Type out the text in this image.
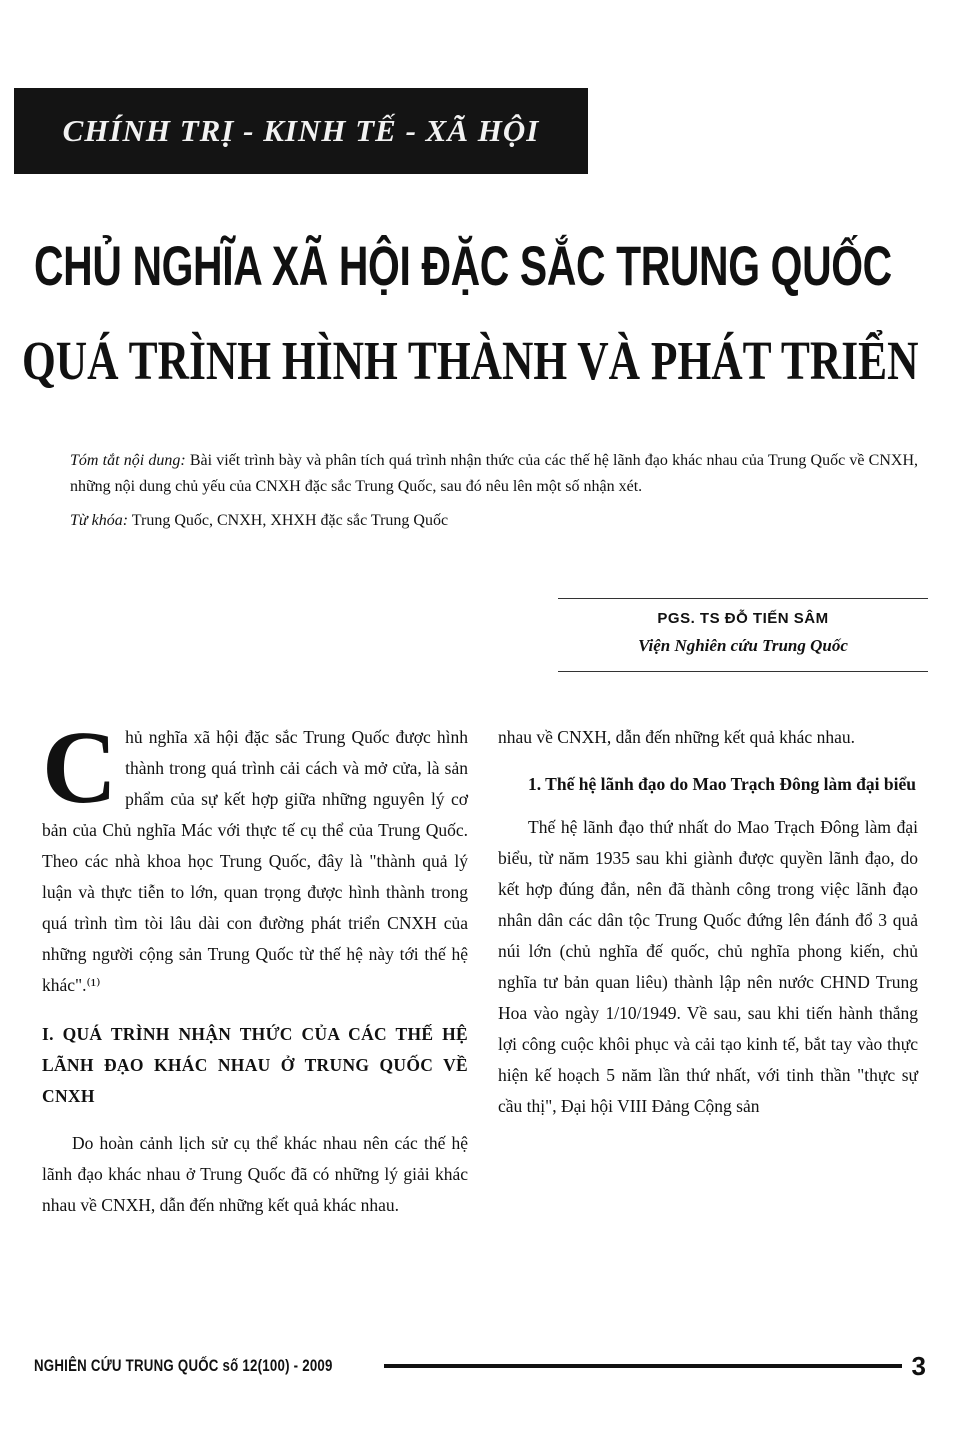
CHÍNH TRỊ - KINH TẾ - XÃ HỘI
CHỦ NGHĨA XÃ HỘI ĐẶC SẮC TRUNG QUỐC
QUÁ TRÌNH HÌNH THÀNH VÀ PHÁT TRIỂN

Tóm tắt nội dung: Bài viết trình bày và phân tích quá trình nhận thức của các thế hệ lãnh đạo khác nhau của Trung Quốc về CNXH, những nội dung chủ yếu của CNXH đặc sắc Trung Quốc, sau đó nêu lên một số nhận xét.

Từ khóa: Trung Quốc, CNXH, XHXH đặc sắc Trung Quốc

PGS. TS ĐỖ TIẾN SÂM
Viện Nghiên cứu Trung Quốc

Chủ nghĩa xã hội đặc sắc Trung Quốc được hình thành trong quá trình cải cách và mở cửa, là sản phẩm của sự kết hợp giữa những nguyên lý cơ bản của Chủ nghĩa Mác với thực tế cụ thể của Trung Quốc. Theo các nhà khoa học Trung Quốc, đây là "thành quả lý luận và thực tiễn to lớn, quan trọng được hình thành trong quá trình tìm tòi lâu dài con đường phát triển CNXH của những người cộng sản Trung Quốc từ thế hệ này tới thế hệ khác".⁽¹⁾

I. QUÁ TRÌNH NHẬN THỨC CỦA CÁC THẾ HỆ LÃNH ĐẠO KHÁC NHAU Ở TRUNG QUỐC VỀ CNXH

Do hoàn cảnh lịch sử cụ thể khác nhau nên các thế hệ lãnh đạo khác nhau ở Trung Quốc đã có những lý giải khác nhau về CNXH, dẫn đến những kết quả khác nhau.

nhau về CNXH, dẫn đến những kết quả khác nhau.

1. Thế hệ lãnh đạo do Mao Trạch Đông làm đại biểu

Thế hệ lãnh đạo thứ nhất do Mao Trạch Đông làm đại biểu, từ năm 1935 sau khi giành được quyền lãnh đạo, do kết hợp đúng đắn, nên đã thành công trong việc lãnh đạo nhân dân các dân tộc Trung Quốc đứng lên đánh đổ 3 quả núi lớn (chủ nghĩa đế quốc, chủ nghĩa phong kiến, chủ nghĩa tư bản quan liêu) thành lập nên nước CHND Trung Hoa vào ngày 1/10/1949. Về sau, sau khi tiến hành thắng lợi công cuộc khôi phục và cải tạo kinh tế, bắt tay vào thực hiện kế hoạch 5 năm lần thứ nhất, với tinh thần "thực sự cầu thị", Đại hội VIII Đảng Cộng sản

NGHIÊN CỨU TRUNG QUỐC số 12(100) - 2009	3
